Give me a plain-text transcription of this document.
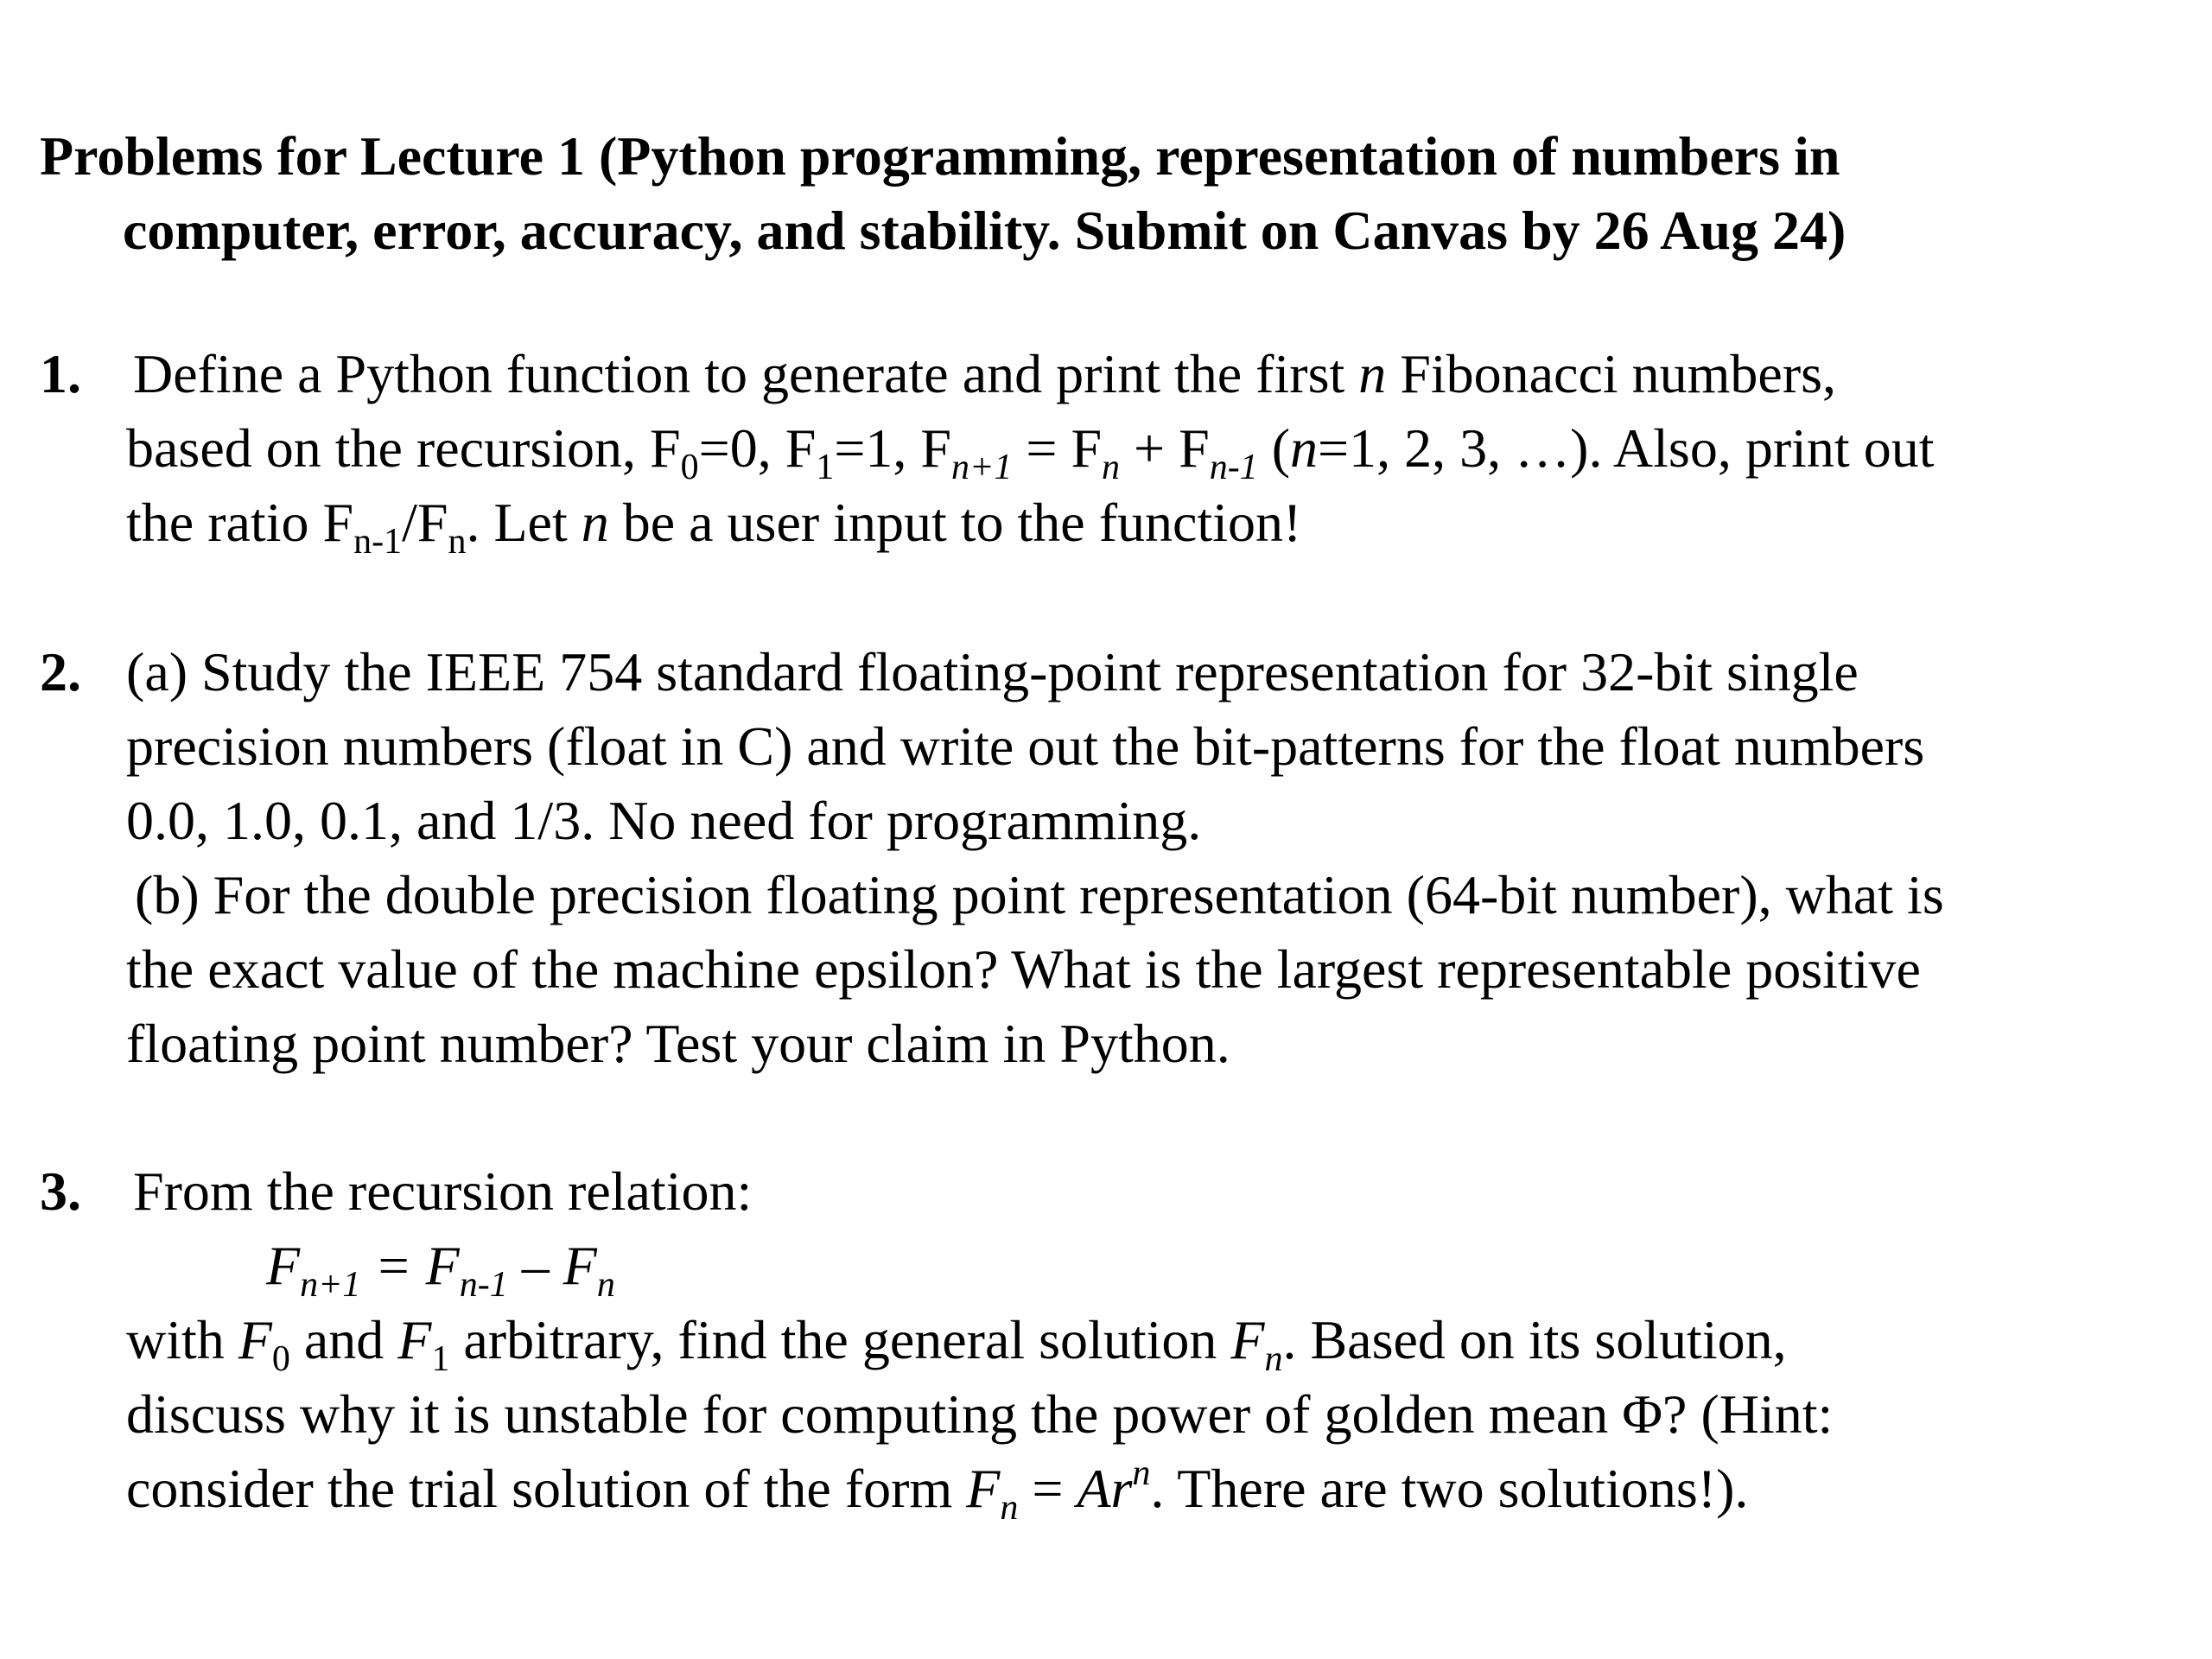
Problems for Lecture 1 (Python programming, representation of numbers in
computer, error, accuracy, and stability. Submit on Canvas by 26 Aug 24)
1. Define a Python function to generate and print the first n Fibonacci numbers,
based on the recursion, $F_0=0$, $F_1=1$, $F_{n+1} = F_n + F_{n-1}$ (n=1, 2, 3, …). Also, print out
the ratio $F_{n-1}/F_n$. Let n be a user input to the function!
2. (a) Study the IEEE 754 standard floating-point representation for 32-bit single
precision numbers (float in C) and write out the bit-patterns for the float numbers
0.0, 1.0, 0.1, and 1/3. No need for programming.
(b) For the double precision floating point representation (64-bit number), what is
the exact value of the machine epsilon? What is the largest representable positive
floating point number? Test your claim in Python.
3. From the recursion relation:
$F_{n+1} = F_{n-1} - F_n$
with $F_0$ and $F_1$ arbitrary, find the general solution $F_n$. Based on its solution,
discuss why it is unstable for computing the power of golden mean Φ? (Hint:
consider the trial solution of the form $F_n = Ar^n$. There are two solutions!).
